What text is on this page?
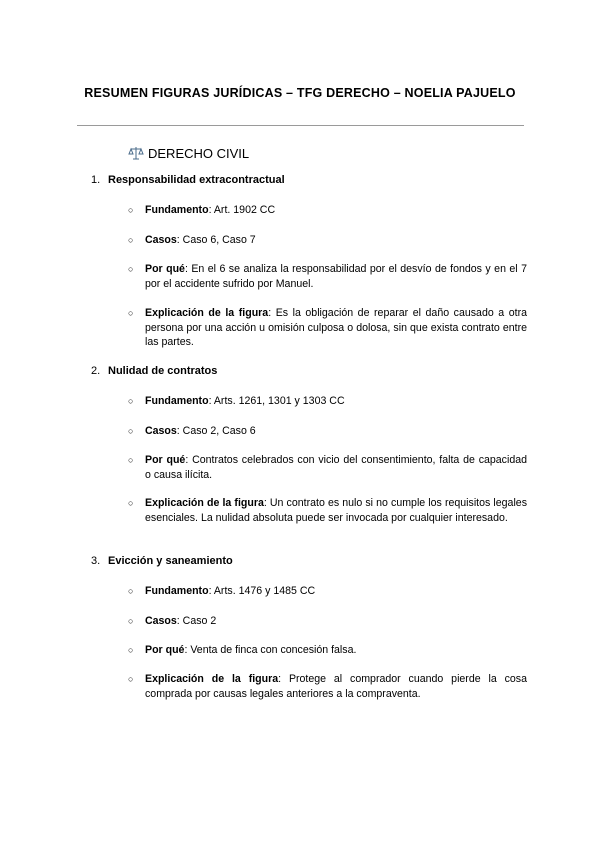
RESUMEN FIGURAS JURÍDICAS – TFG DERECHO – NOELIA PAJUELO
DERECHO CIVIL
1. Responsabilidad extracontractual
○ Fundamento: Art. 1902 CC
○ Casos: Caso 6, Caso 7
○ Por qué: En el 6 se analiza la responsabilidad por el desvío de fondos y en el 7 por el accidente sufrido por Manuel.
○ Explicación de la figura: Es la obligación de reparar el daño causado a otra persona por una acción u omisión culposa o dolosa, sin que exista contrato entre las partes.
2. Nulidad de contratos
○ Fundamento: Arts. 1261, 1301 y 1303 CC
○ Casos: Caso 2, Caso 6
○ Por qué: Contratos celebrados con vicio del consentimiento, falta de capacidad o causa ilícita.
○ Explicación de la figura: Un contrato es nulo si no cumple los requisitos legales esenciales. La nulidad absoluta puede ser invocada por cualquier interesado.
3. Evicción y saneamiento
○ Fundamento: Arts. 1476 y 1485 CC
○ Casos: Caso 2
○ Por qué: Venta de finca con concesión falsa.
○ Explicación de la figura: Protege al comprador cuando pierde la cosa comprada por causas legales anteriores a la compraventa.
